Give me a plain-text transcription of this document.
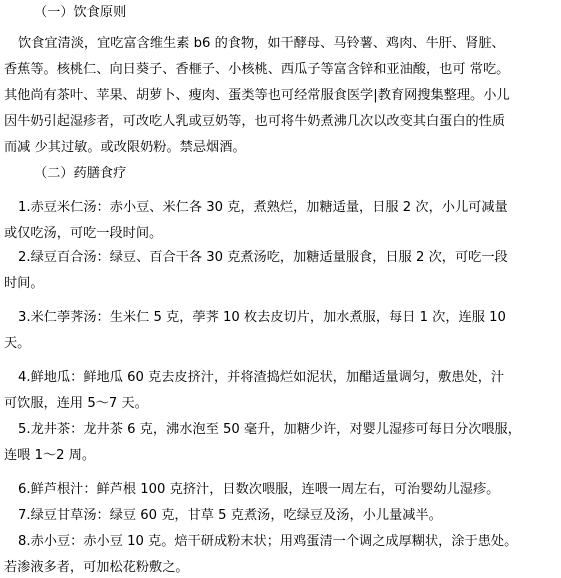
（一）饮食原则
饮食宜清淡，宜吃富含维生素 b6 的食物，如干酵母、马铃薯、鸡肉、牛肝、肾脏、
香蕉等。核桃仁、向日葵子、香榧子、小核桃、西瓜子等富含锌和亚油酸，也可 常吃。
其他尚有茶叶、苹果、胡萝卜、瘦肉、蛋类等也可经常服食医学|教育网搜集整理。小儿
因牛奶引起湿疹者，可改吃人乳或豆奶等，也可将牛奶煮沸几次以改变其白蛋白的性质
而减 少其过敏。或改限奶粉。禁忌烟酒。
（二）药膳食疗
1.赤豆米仁汤：赤小豆、米仁各 30 克，煮熟烂，加糖适量，日服 2 次，小儿可减量
或仅吃汤，可吃一段时间。
2.绿豆百合汤：绿豆、百合干各 30 克煮汤吃，加糖适量服食，日服 2 次，可吃一段
时间。
3.米仁荸荠汤：生米仁 5 克，荸荠 10 枚去皮切片，加水煮服，每日 1 次，连服 10
天。
4.鲜地瓜：鲜地瓜 60 克去皮挤汁，并将渣捣烂如泥状，加醋适量调匀，敷患处，汁
可饮服，连用 5～7 天。
5.龙井茶：龙井茶 6 克，沸水泡至 50 毫升，加糖少许，对婴儿湿疹可每日分次喂服，
连喂 1～2 周。
6.鲜芦根汁：鲜芦根 100 克挤汁，日数次喂服，连喂一周左右，可治婴幼儿湿疹。
7.绿豆甘草汤：绿豆 60 克，甘草 5 克煮汤，吃绿豆及汤，小儿量减半。
8.赤小豆：赤小豆 10 克。焙干研成粉末状；用鸡蛋清一个调之成厚糊状，涂于患处。
若渗液多者，可加松花粉敷之。
